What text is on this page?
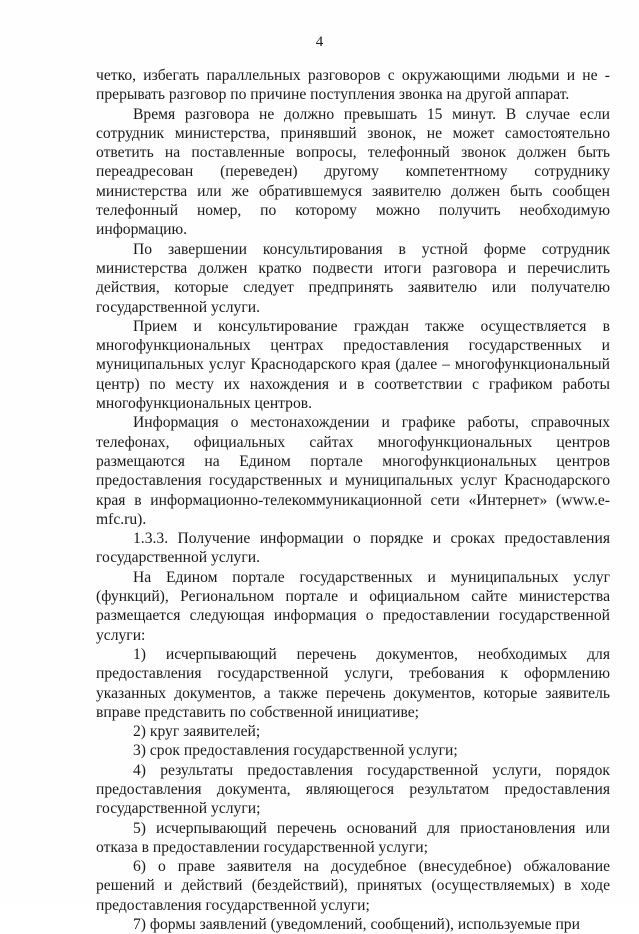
4

четко, избегать параллельных разговоров с окружающими людьми и не - прерывать разговор по причине поступления звонка на другой аппарат.

Время разговора не должно превышать 15 минут. В случае если сотрудник министерства, принявший звонок, не может самостоятельно ответить на поставленные вопросы, телефонный звонок должен быть переадресован (переведен) другому компетентному сотруднику министерства или же обратившемуся заявителю должен быть сообщен телефонный номер, по которому можно получить необходимую информацию.

По завершении консультирования в устной форме сотрудник министерства должен кратко подвести итоги разговора и перечислить действия, которые следует предпринять заявителю или получателю государственной услуги.

Прием и консультирование граждан также осуществляется в многофункциональных центрах предоставления государственных и муниципальных услуг Краснодарского края (далее – многофункциональный центр) по месту их нахождения и в соответствии с графиком работы многофункциональных центров.

Информация о местонахождении и графике работы, справочных телефонах, официальных сайтах многофункциональных центров размещаются на Едином портале многофункциональных центров предоставления государственных и муниципальных услуг Краснодарского края в информационно-телекоммуникационной сети «Интернет» (www.e-mfc.ru).

1.3.3. Получение информации о порядке и сроках предоставления государственной услуги.

На Едином портале государственных и муниципальных услуг (функций), Региональном портале и официальном сайте министерства размещается следующая информация о предоставлении государственной услуги:

1) исчерпывающий перечень документов, необходимых для предоставления государственной услуги, требования к оформлению указанных документов, а также перечень документов, которые заявитель вправе представить по собственной инициативе;

2) круг заявителей;

3) срок предоставления государственной услуги;

4) результаты предоставления государственной услуги, порядок предоставления документа, являющегося результатом предоставления государственной услуги;

5) исчерпывающий перечень оснований для приостановления или отказа в предоставлении государственной услуги;

6) о праве заявителя на досудебное (внесудебное) обжалование решений и действий (бездействий), принятых (осуществляемых) в ходе предоставления государственной услуги;

7) формы заявлений (уведомлений, сообщений), используемые при
